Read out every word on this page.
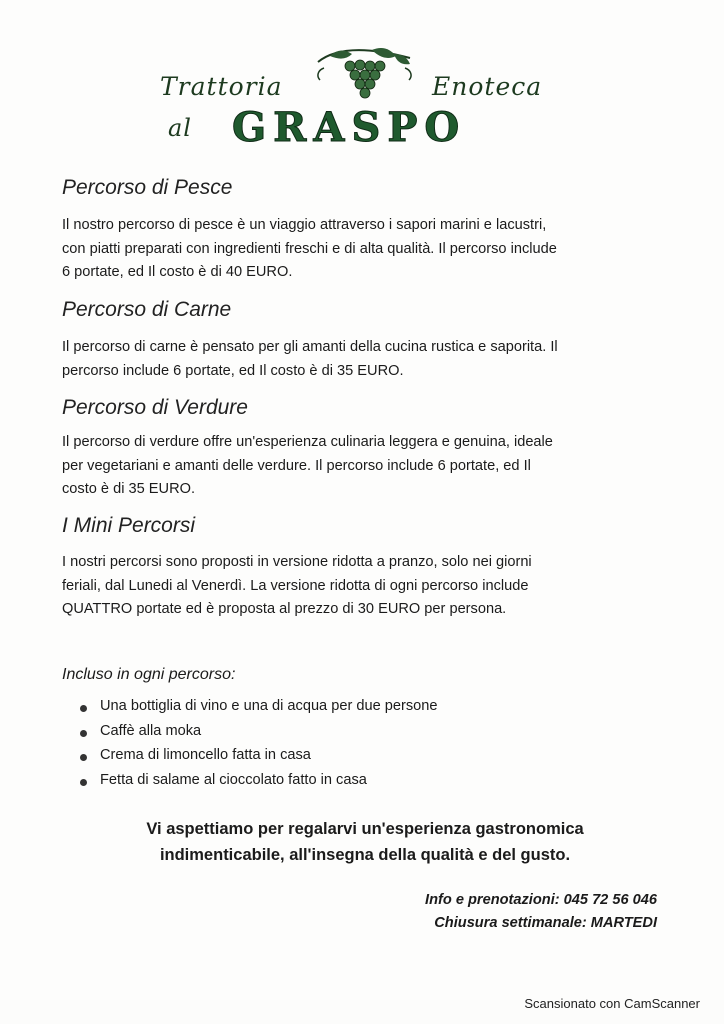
Trattoria	Enoteca
al GRASPO
Percorso di Pesce
Il nostro percorso di pesce è un viaggio attraverso i sapori marini e lacustri,
con piatti preparati con ingredienti freschi e di alta qualità. Il percorso include
6 portate, ed Il costo è di 40 EURO.
Percorso di Carne
Il percorso di carne è pensato per gli amanti della cucina rustica e saporita. Il
percorso include 6 portate, ed Il costo è di 35 EURO.
Percorso di Verdure
Il percorso di verdure offre un'esperienza culinaria leggera e genuina, ideale
per vegetariani e amanti delle verdure. Il percorso include 6 portate, ed Il
costo è di 35 EURO.
I Mini Percorsi
I nostri percorsi sono proposti in versione ridotta a pranzo, solo nei giorni
feriali, dal Lunedi al Venerdì. La versione ridotta di ogni percorso include
QUATTRO portate ed è proposta al prezzo di 30 EURO per persona.
Incluso in ogni percorso:
Una bottiglia di vino e una di acqua per due persone
Caffè alla moka
Crema di limoncello fatta in casa
Fetta di salame al cioccolato fatto in casa
Vi aspettiamo per regalarvi un'esperienza gastronomica
indimenticabile, all'insegna della qualità e del gusto.
Info e prenotazioni: 045 72 56 046
Chiusura settimanale: MARTEDI
Scansionato con CamScanner
